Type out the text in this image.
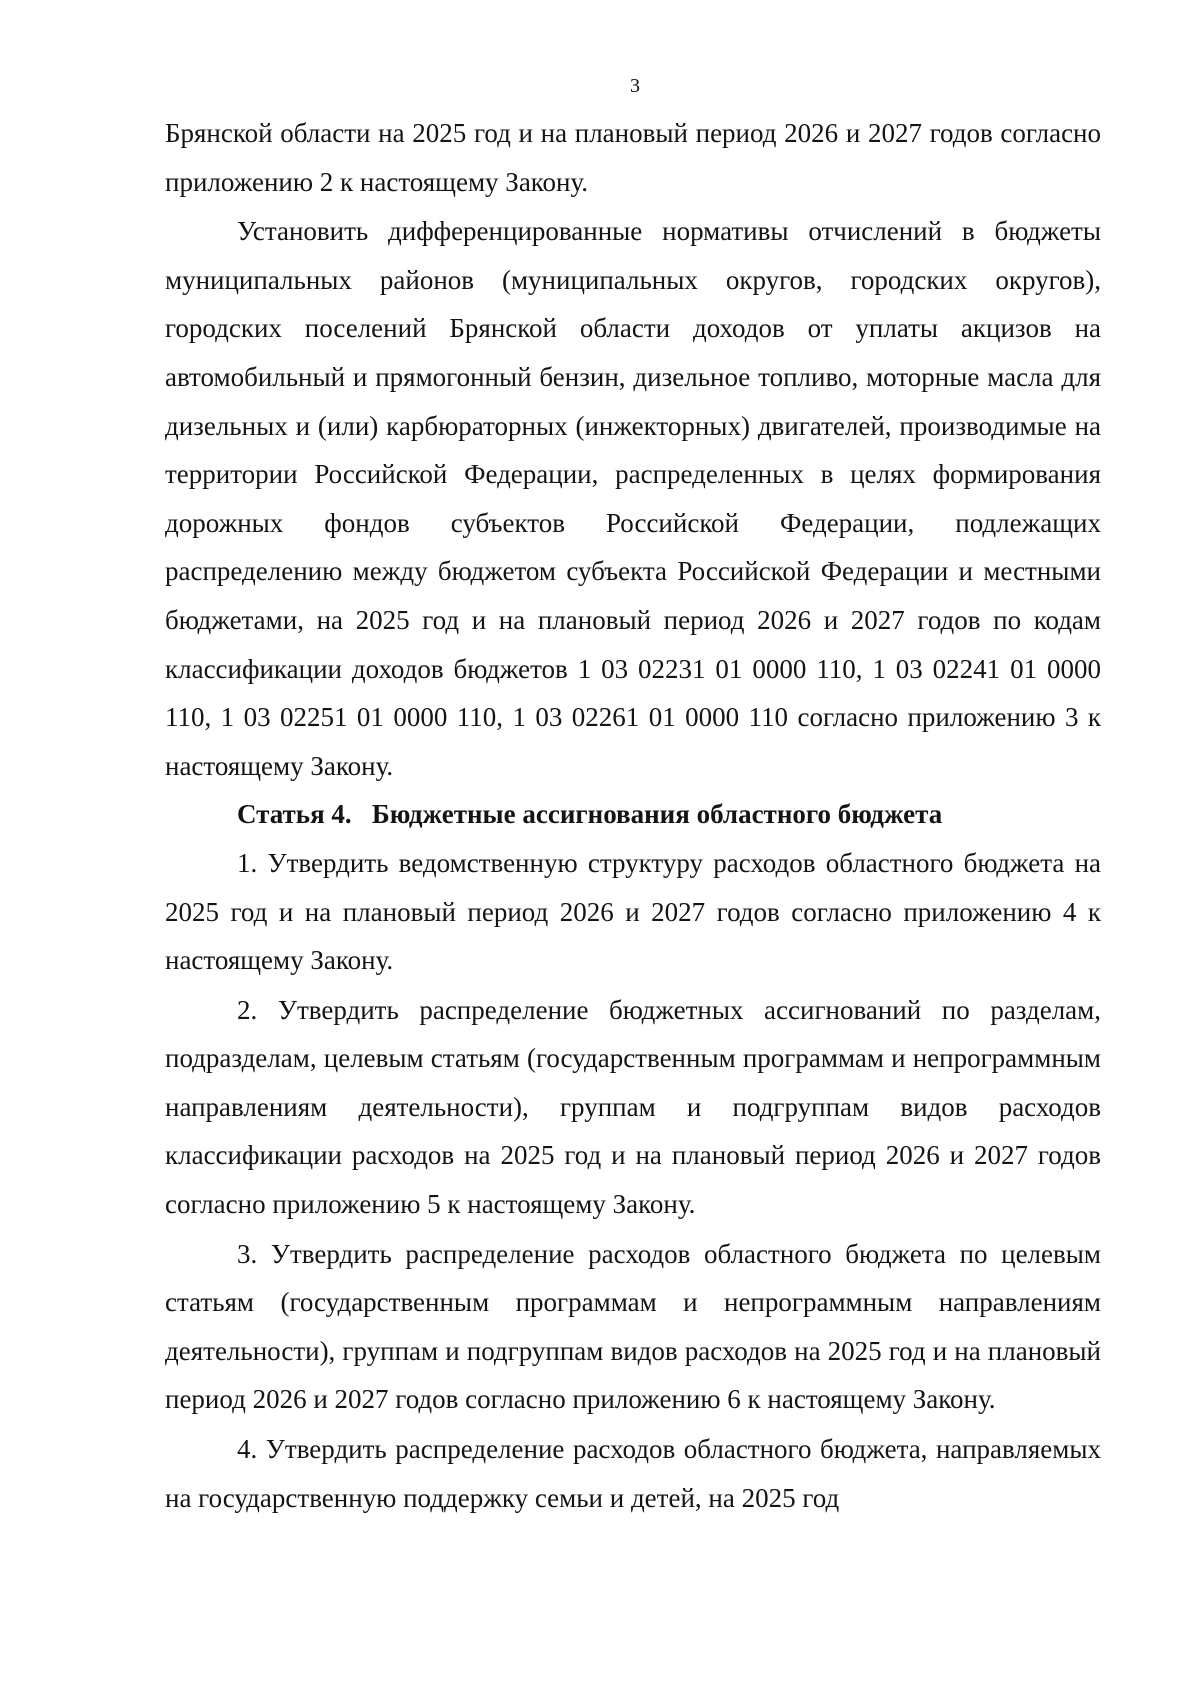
3

Брянской области на 2025 год и на плановый период 2026 и 2027 годов согласно приложению 2 к настоящему Закону.

Установить дифференцированные нормативы отчислений в бюджеты муниципальных районов (муниципальных округов, городских округов), городских поселений Брянской области доходов от уплаты акцизов на автомобильный и прямогонный бензин, дизельное топливо, моторные масла для дизельных и (или) карбюраторных (инжекторных) двигателей, производимые на территории Российской Федерации, распределенных в целях формирования дорожных фондов субъектов Российской Федерации, подлежащих распределению между бюджетом субъекта Российской Федерации и местными бюджетами, на 2025 год и на плановый период 2026 и 2027 годов по кодам классификации доходов бюджетов 1 03 02231 01 0000 110, 1 03 02241 01 0000 110, 1 03 02251 01 0000 110, 1 03 02261 01 0000 110 согласно приложению 3 к настоящему Закону.

Статья 4.   Бюджетные ассигнования областного бюджета

1. Утвердить ведомственную структуру расходов областного бюджета на 2025 год и на плановый период 2026 и 2027 годов согласно приложению 4 к настоящему Закону.

2. Утвердить распределение бюджетных ассигнований по разделам, подразделам, целевым статьям (государственным программам и непрограммным направлениям деятельности), группам и подгруппам видов расходов классификации расходов на 2025 год и на плановый период 2026 и 2027 годов согласно приложению 5 к настоящему Закону.

3. Утвердить распределение расходов областного бюджета по целевым статьям (государственным программам и непрограммным направлениям деятельности), группам и подгруппам видов расходов на 2025 год и на плановый период 2026 и 2027 годов согласно приложению 6 к настоящему Закону.

4. Утвердить распределение расходов областного бюджета, направляемых на государственную поддержку семьи и детей, на 2025 год
